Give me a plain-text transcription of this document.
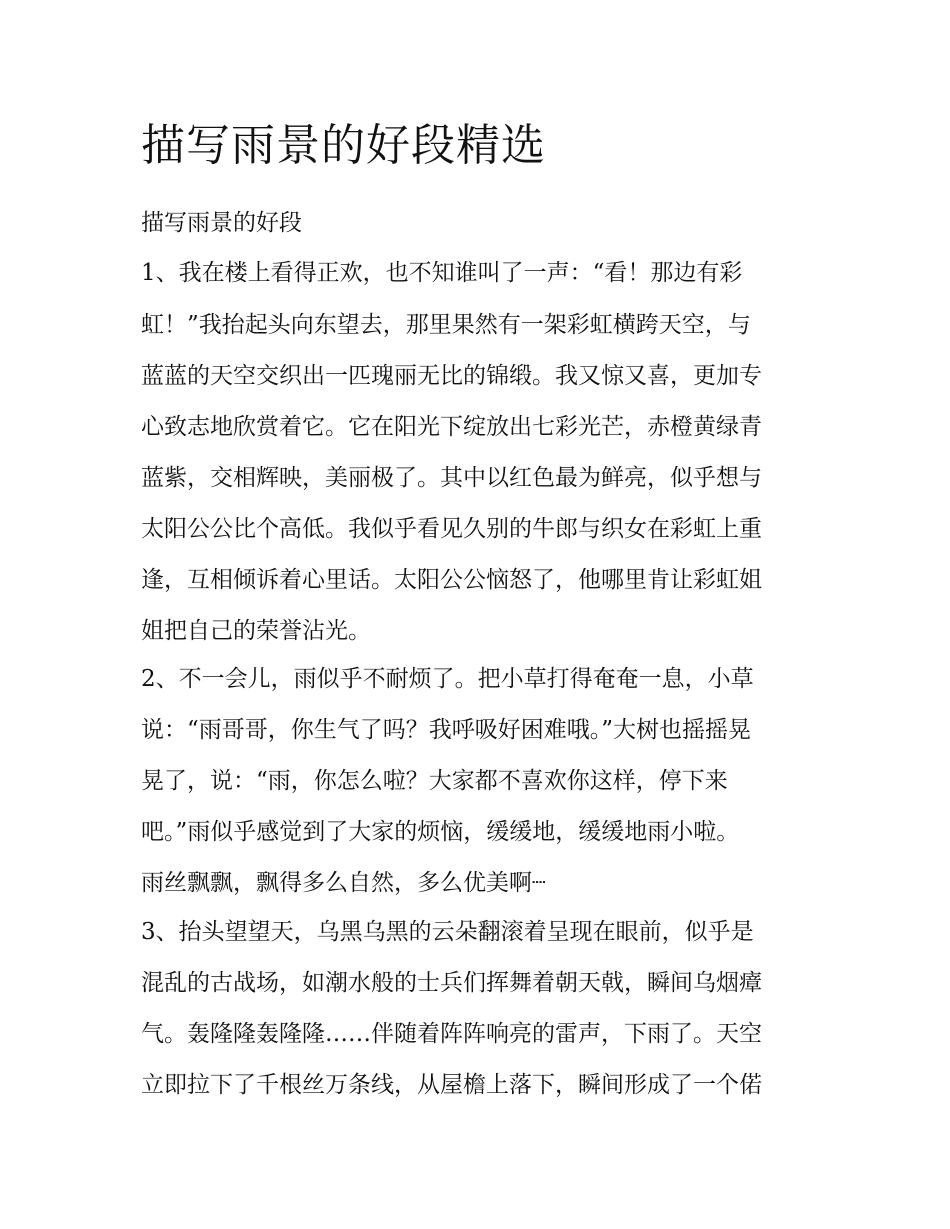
描写雨景的好段精选

描写雨景的好段

1、我在楼上看得正欢，也不知谁叫了一声：“看！那边有彩

虹！”我抬起头向东望去，那里果然有一架彩虹横跨天空，与

蓝蓝的天空交织出一匹瑰丽无比的锦缎。我又惊又喜，更加专

心致志地欣赏着它。它在阳光下绽放出七彩光芒，赤橙黄绿青

蓝紫，交相辉映，美丽极了。其中以红色最为鲜亮，似乎想与

太阳公公比个高低。我似乎看见久别的牛郎与织女在彩虹上重

逢，互相倾诉着心里话。太阳公公恼怒了，他哪里肯让彩虹姐

姐把自己的荣誉沾光。

2、不一会儿，雨似乎不耐烦了。把小草打得奄奄一息，小草

说：“雨哥哥，你生气了吗？我呼吸好困难哦。”大树也摇摇晃

晃了，说：“雨，你怎么啦？大家都不喜欢你这样，停下来

吧。”雨似乎感觉到了大家的烦恼，缓缓地，缓缓地雨小啦。

雨丝飘飘，飘得多么自然，多么优美啊┈

3、抬头望望天，乌黑乌黑的云朵翻滚着呈现在眼前，似乎是

混乱的古战场，如潮水般的士兵们挥舞着朝天戟，瞬间乌烟瘴

气。轰隆隆轰隆隆……伴随着阵阵响亮的雷声，下雨了。天空

立即拉下了千根丝万条线，从屋檐上落下，瞬间形成了一个偌
